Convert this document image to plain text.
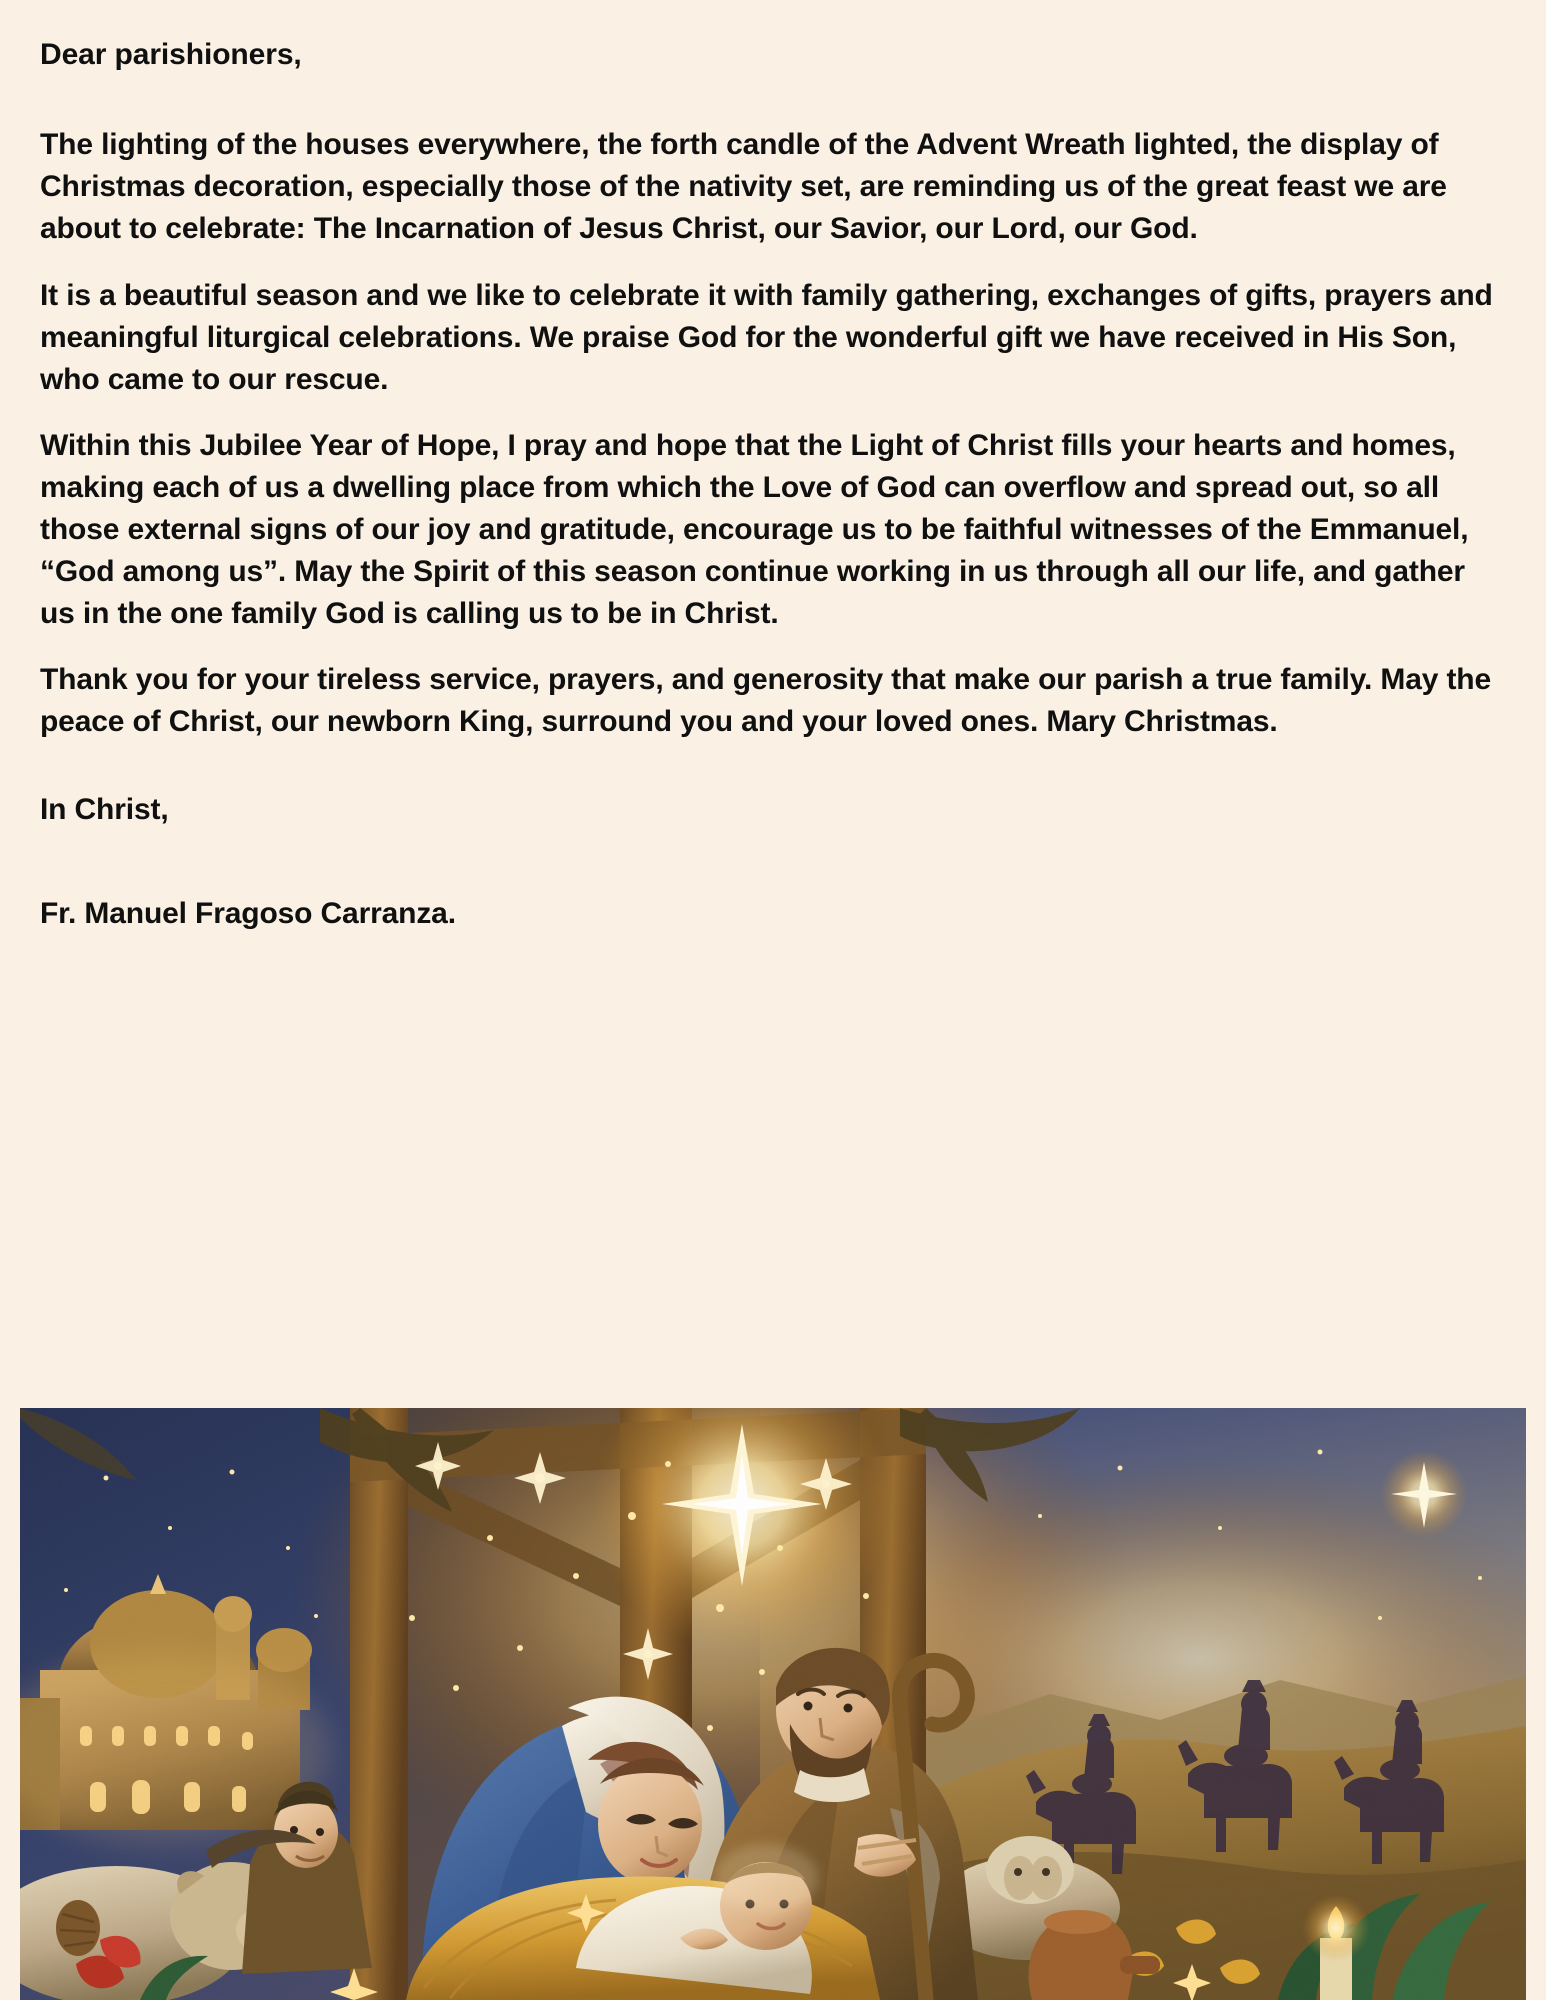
Dear parishioners,

The lighting of the houses everywhere, the forth candle of the Advent Wreath lighted, the display of Christmas decoration, especially those of the nativity set, are reminding us of the great feast we are about to celebrate: The Incarnation of Jesus Christ, our Savior, our Lord, our God.

It is a beautiful season and we like to celebrate it with family gathering, exchanges of gifts, prayers and meaningful liturgical celebrations. We praise God for the wonderful gift we have received in His Son, who came to our rescue.

Within this Jubilee Year of Hope, I pray and hope that the Light of Christ fills your hearts and homes, making each of us a dwelling place from which the Love of God can overflow and spread out, so all those external signs of our joy and gratitude, encourage us to be faithful witnesses of the Emmanuel, “God among us”. May the Spirit of this season continue working in us through all our life, and gather us in the one family God is calling us to be in Christ.

Thank you for your tireless service, prayers, and generosity that make our parish a true family. May the peace of Christ, our newborn King, surround you and your loved ones. Mary Christmas.

In Christ,

Fr. Manuel Fragoso Carranza.
